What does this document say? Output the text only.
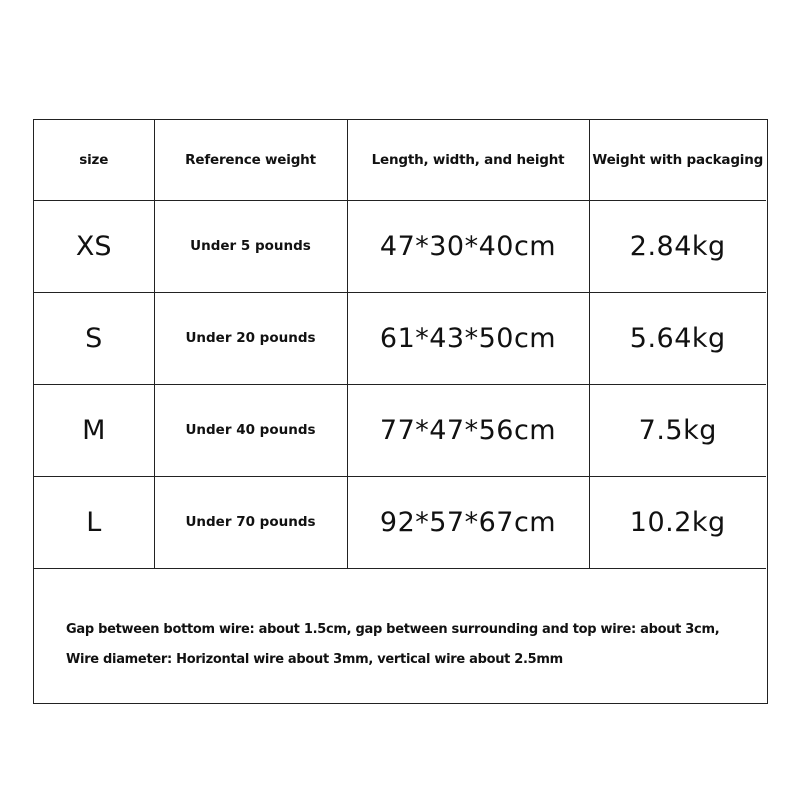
size	Reference weight	Length, width, and height	Weight with packaging
XS	Under 5 pounds	47*30*40cm	2.84kg
S	Under 20 pounds	61*43*50cm	5.64kg
M	Under 40 pounds	77*47*56cm	7.5kg
L	Under 70 pounds	92*57*67cm	10.2kg
Gap between bottom wire: about 1.5cm, gap between surrounding and top wire: about 3cm,
Wire diameter: Horizontal wire about 3mm, vertical wire about 2.5mm
